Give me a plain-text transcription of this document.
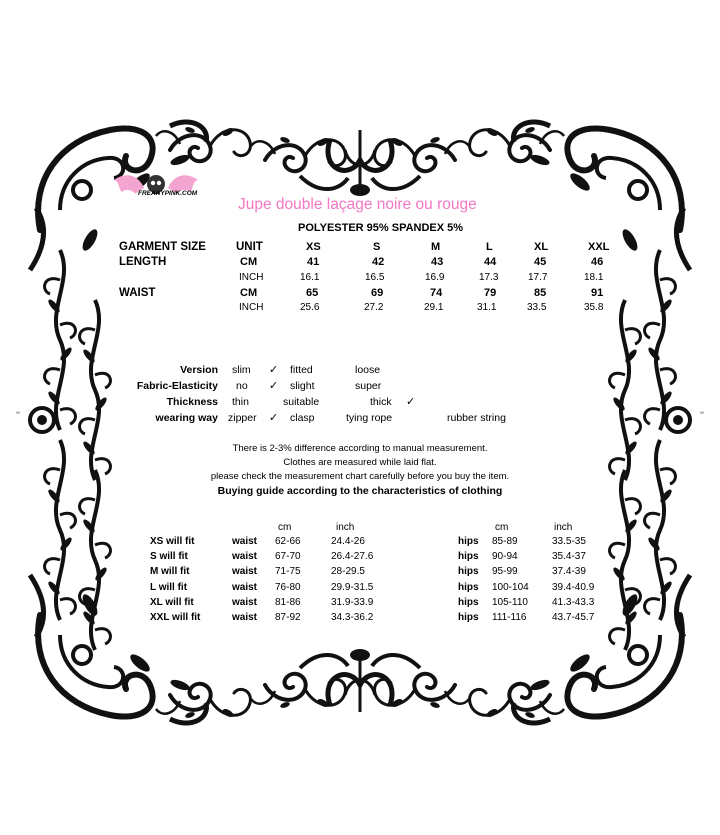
FREAKYPINK.COM
Jupe double laçage noire ou rouge
POLYESTER 95% SPANDEX 5%
GARMENT SIZE	UNIT	XS	S	M	L	XL	XXL
LENGTH	CM	41	42	43	44	45	46
INCH	16.1	16.5	16.9	17.3	17.7	18.1
WAIST	CM	65	69	74	79	85	91
INCH	25.6	27.2	29.1	31.1	33.5	35.8
Version slim ✓ fitted	loose
Fabric-Elasticity no ✓ slight	super
Thickness thin	suitable	thick ✓
wearing way zipper ✓ clasp	tying rope	rubber string
"	"
There is 2-3% difference according to manual measurement.
Clothes are measured while laid flat.
please check the measurement chart carefully before you buy the item.
Buying guide according to the characteristics of clothing
cm	inch	cm	inch
XS will fit	waist 62-66	24.4-26	hips 85-89	33.5-35
S will fit	waist 67-70	26.4-27.6	hips 90-94	35.4-37
M will fit	waist 71-75	28-29.5	hips 95-99	37.4-39
L will fit	waist 76-80	29.9-31.5	hips 100-104 39.4-40.9
XL will fit	waist 81-86	31.9-33.9	hips 105-110 41.3-43.3
XXL will fit	waist 87-92	34.3-36.2	hips 111-116	43.7-45.7
